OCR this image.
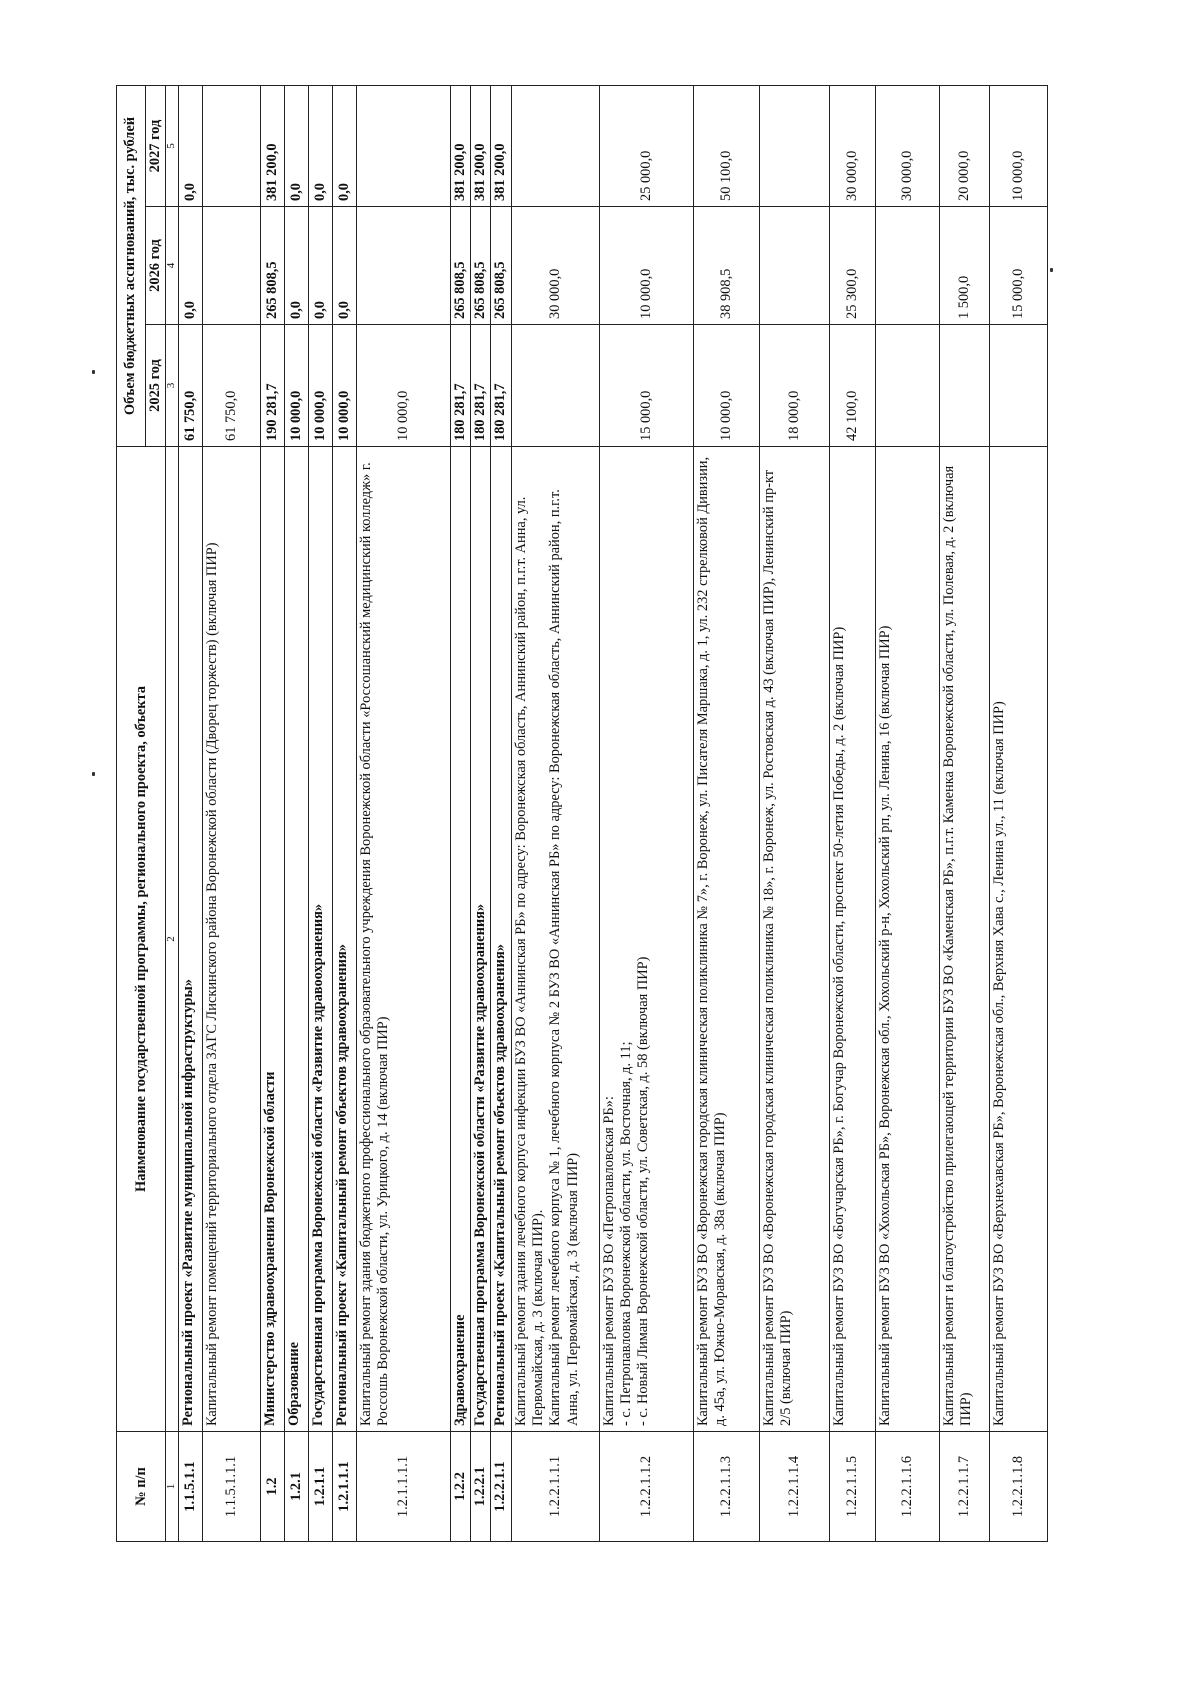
№ п/п	Наименование государственной программы, регионального проекта, объекта	Объем бюджетных ассигнований, тыс. рублей		
		2025 год	2026 год	2027 год
1	2	3	4	5
1.1.5.1.1	Региональный проект «Развитие муниципальной инфраструктуры»	61 750,0	0,0	0,0
1.1.5.1.1.1	Капитальный ремонт помещений территориального отдела ЗАГС Лискинского района Воронежской области (Дворец торжеств) (включая ПИР)	61 750,0		
1.2	Министерство здравоохранения Воронежской области	190 281,7	265 808,5	381 200,0
1.2.1	Образование	10 000,0	0,0	0,0
1.2.1.1	Государственная программа Воронежской области «Развитие здравоохранения»	10 000,0	0,0	0,0
1.2.1.1.1	Региональный проект «Капитальный ремонт объектов здравоохранения»	10 000,0	0,0	0,0
1.2.1.1.1.1	Капитальный ремонт здания бюджетного профессионального образовательного учреждения Воронежской области «Россошанский медицинский колледж» г. Россошь Воронежской области, ул. Урицкого, д. 14 (включая ПИР)	10 000,0		
1.2.2	Здравоохранение	180 281,7	265 808,5	381 200,0
1.2.2.1	Государственная программа Воронежской области «Развитие здравоохранения»	180 281,7	265 808,5	381 200,0
1.2.2.1.1	Региональный проект «Капитальный ремонт объектов здравоохранения»	180 281,7	265 808,5	381 200,0
1.2.2.1.1.1	Капитальный ремонт здания лечебного корпуса инфекции БУЗ ВО «Аннинская РБ» по адресу: Воронежская область, Аннинский район, п.г.т. Анна, ул. Первомайская, д. 3 (включая ПИР). Капитальный ремонт лечебного корпуса № 1, лечебного корпуса № 2 БУЗ ВО «Аннинская РБ» по адресу: Воронежская область, Аннинский район, п.г.т. Анна, ул. Первомайская, д. 3 (включая ПИР)		30 000,0	
1.2.2.1.1.2	Капитальный ремонт БУЗ ВО «Петропавловская РБ»: - с. Петропавловка Воронежской области, ул. Восточная, д. 11; - с. Новый Лиман Воронежской области, ул. Советская, д. 58 (включая ПИР)	15 000,0	10 000,0	25 000,0
1.2.2.1.1.3	Капитальный ремонт БУЗ ВО «Воронежская городская клиническая поликлиника № 7», г. Воронеж, ул. Писателя Маршака, д. 1, ул. 232 стрелковой Дивизии, д. 45а, ул. Южно-Моравская, д. 38а (включая ПИР)	10 000,0	38 908,5	50 100,0
1.2.2.1.1.4	Капитальный ремонт БУЗ ВО «Воронежская городская клиническая поликлиника № 18», г. Воронеж, ул. Ростовская д. 43 (включая ПИР), Ленинский пр-кт 2/5 (включая ПИР)	18 000,0		
1.2.2.1.1.5	Капитальный ремонт БУЗ ВО «Богучарская РБ», г. Богучар Воронежской области, проспект 50-летия Победы, д. 2 (включая ПИР)	42 100,0	25 300,0	30 000,0
1.2.2.1.1.6	Капитальный ремонт БУЗ ВО «Хохольская РБ», Воронежская обл., Хохольский р-н, Хохольский рп, ул. Ленина, 16 (включая ПИР)			30 000,0
1.2.2.1.1.7	Капитальный ремонт и благоустройство прилегающей территории БУЗ ВО «Каменская РБ», п.г.т. Каменка Воронежской области, ул. Полевая, д. 2 (включая ПИР)		1 500,0	20 000,0
1.2.2.1.1.8	Капитальный ремонт БУЗ ВО «Верхнехавская РБ», Воронежская обл., Верхняя Хава с., Ленина ул., 11 (включая ПИР)		15 000,0	10 000,0
